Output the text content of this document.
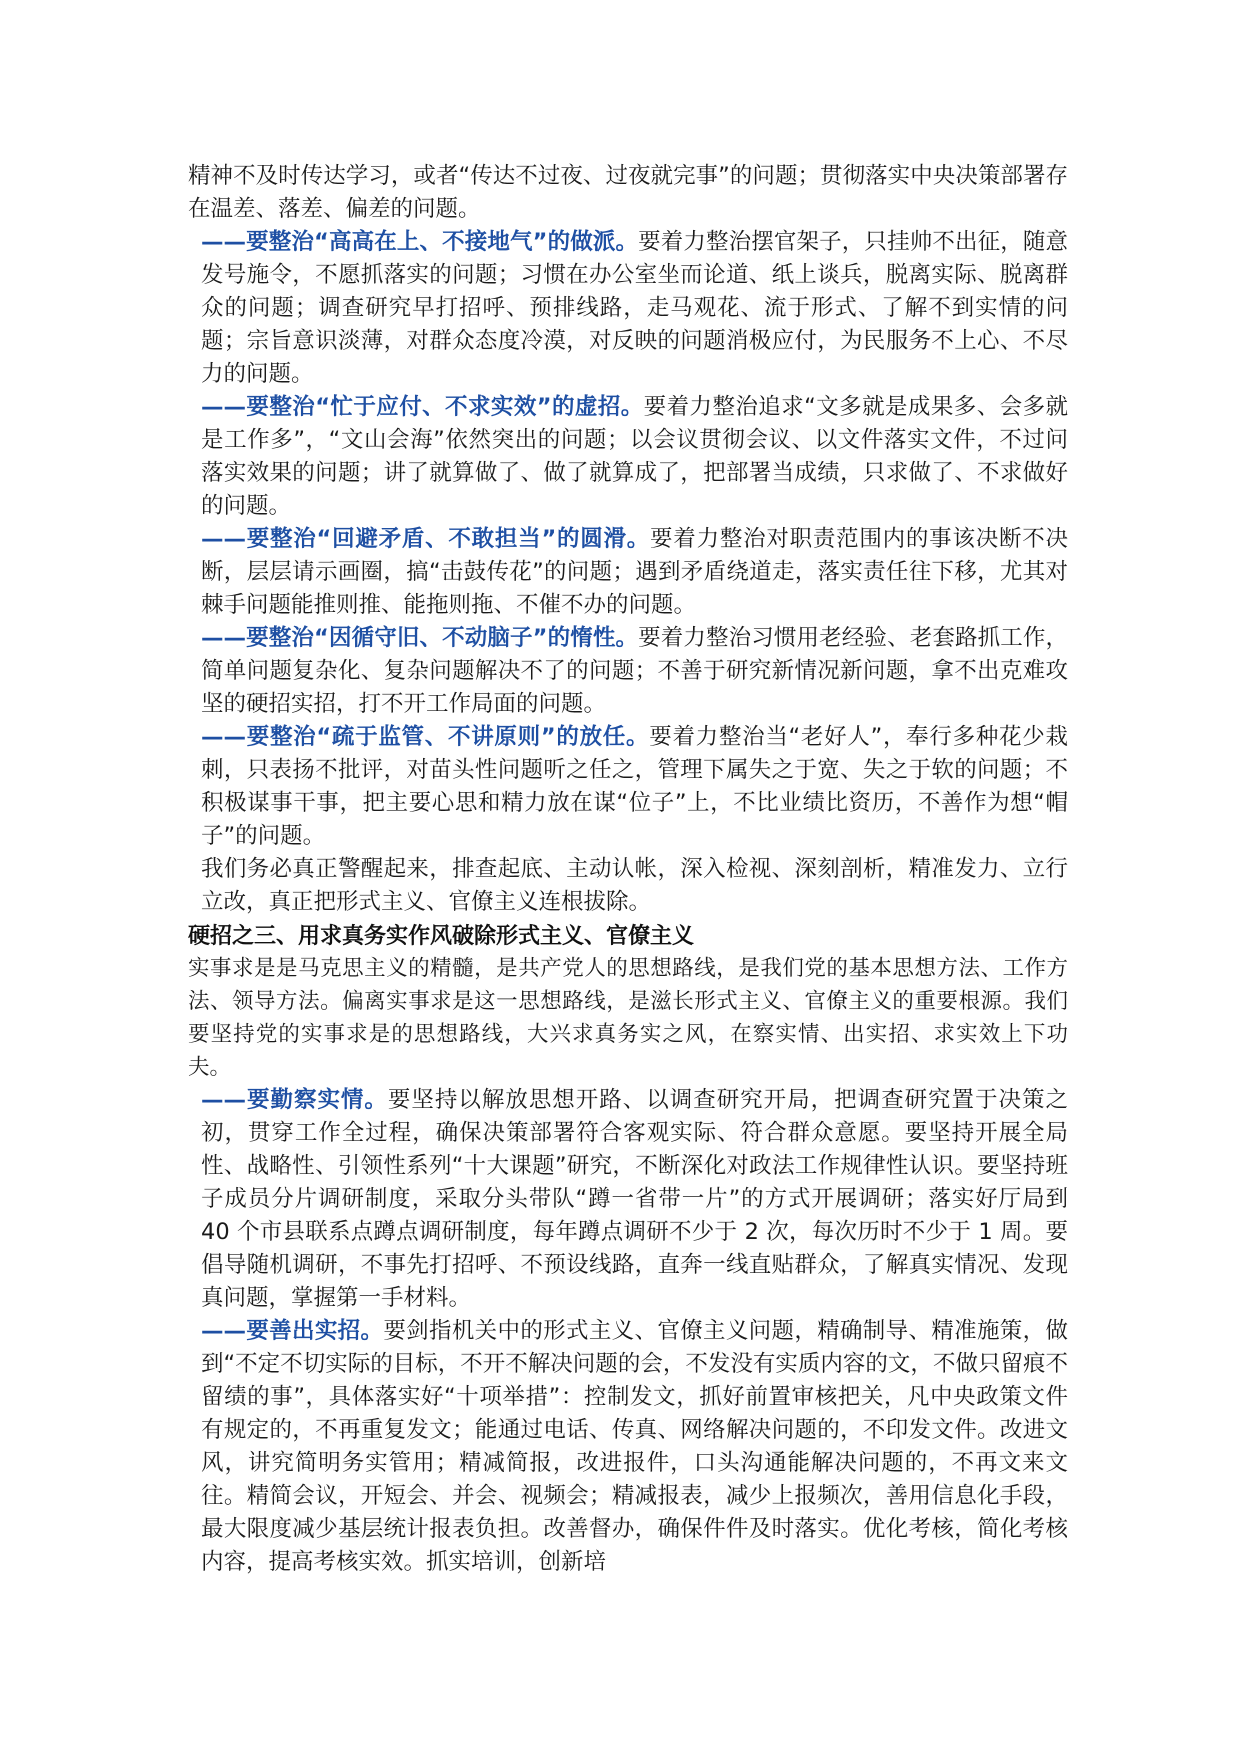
精神不及时传达学习，或者“传达不过夜、过夜就完事”的问题；贯彻落实中央决策部署存在温差、落差、偏差的问题。

——要整治“高高在上、不接地气”的做派。要着力整治摆官架子，只挂帅不出征，随意发号施令，不愿抓落实的问题；习惯在办公室坐而论道、纸上谈兵，脱离实际、脱离群众的问题；调查研究早打招呼、预排线路，走马观花、流于形式、了解不到实情的问题；宗旨意识淡薄，对群众态度冷漠，对反映的问题消极应付，为民服务不上心、不尽力的问题。

——要整治“忙于应付、不求实效”的虚招。要着力整治追求“文多就是成果多、会多就是工作多”，“文山会海”依然突出的问题；以会议贯彻会议、以文件落实文件，不过问落实效果的问题；讲了就算做了、做了就算成了，把部署当成绩，只求做了、不求做好的问题。

——要整治“回避矛盾、不敢担当”的圆滑。要着力整治对职责范围内的事该决断不决断，层层请示画圈，搞“击鼓传花”的问题；遇到矛盾绕道走，落实责任往下移，尤其对棘手问题能推则推、能拖则拖、不催不办的问题。

——要整治“因循守旧、不动脑子”的惰性。要着力整治习惯用老经验、老套路抓工作，简单问题复杂化、复杂问题解决不了的问题；不善于研究新情况新问题，拿不出克难攻坚的硬招实招，打不开工作局面的问题。

——要整治“疏于监管、不讲原则”的放任。要着力整治当“老好人”，奉行多种花少栽刺，只表扬不批评，对苗头性问题听之任之，管理下属失之于宽、失之于软的问题；不积极谋事干事，把主要心思和精力放在谋“位子”上，不比业绩比资历，不善作为想“帽子”的问题。

我们务必真正警醒起来，排查起底、主动认帐，深入检视、深刻剖析，精准发力、立行立改，真正把形式主义、官僚主义连根拔除。

硬招之三、用求真务实作风破除形式主义、官僚主义

实事求是是马克思主义的精髓，是共产党人的思想路线，是我们党的基本思想方法、工作方法、领导方法。偏离实事求是这一思想路线，是滋长形式主义、官僚主义的重要根源。我们要坚持党的实事求是的思想路线，大兴求真务实之风，在察实情、出实招、求实效上下功夫。

——要勤察实情。要坚持以解放思想开路、以调查研究开局，把调查研究置于决策之初，贯穿工作全过程，确保决策部署符合客观实际、符合群众意愿。要坚持开展全局性、战略性、引领性系列“十大课题”研究，不断深化对政法工作规律性认识。要坚持班子成员分片调研制度，采取分头带队“蹲一省带一片”的方式开展调研；落实好厅局到 40 个市县联系点蹲点调研制度，每年蹲点调研不少于 2 次，每次历时不少于 1 周。要倡导随机调研，不事先打招呼、不预设线路，直奔一线直贴群众，了解真实情况、发现真问题，掌握第一手材料。

——要善出实招。要剑指机关中的形式主义、官僚主义问题，精确制导、精准施策，做到“不定不切实际的目标，不开不解决问题的会，不发没有实质内容的文，不做只留痕不留绩的事”，具体落实好“十项举措”：控制发文，抓好前置审核把关，凡中央政策文件有规定的，不再重复发文；能通过电话、传真、网络解决问题的，不印发文件。改进文风，讲究简明务实管用；精减简报，改进报件，口头沟通能解决问题的，不再文来文往。精简会议，开短会、并会、视频会；精减报表，减少上报频次，善用信息化手段，最大限度减少基层统计报表负担。改善督办，确保件件及时落实。优化考核，简化考核内容，提高考核实效。抓实培训，创新培
